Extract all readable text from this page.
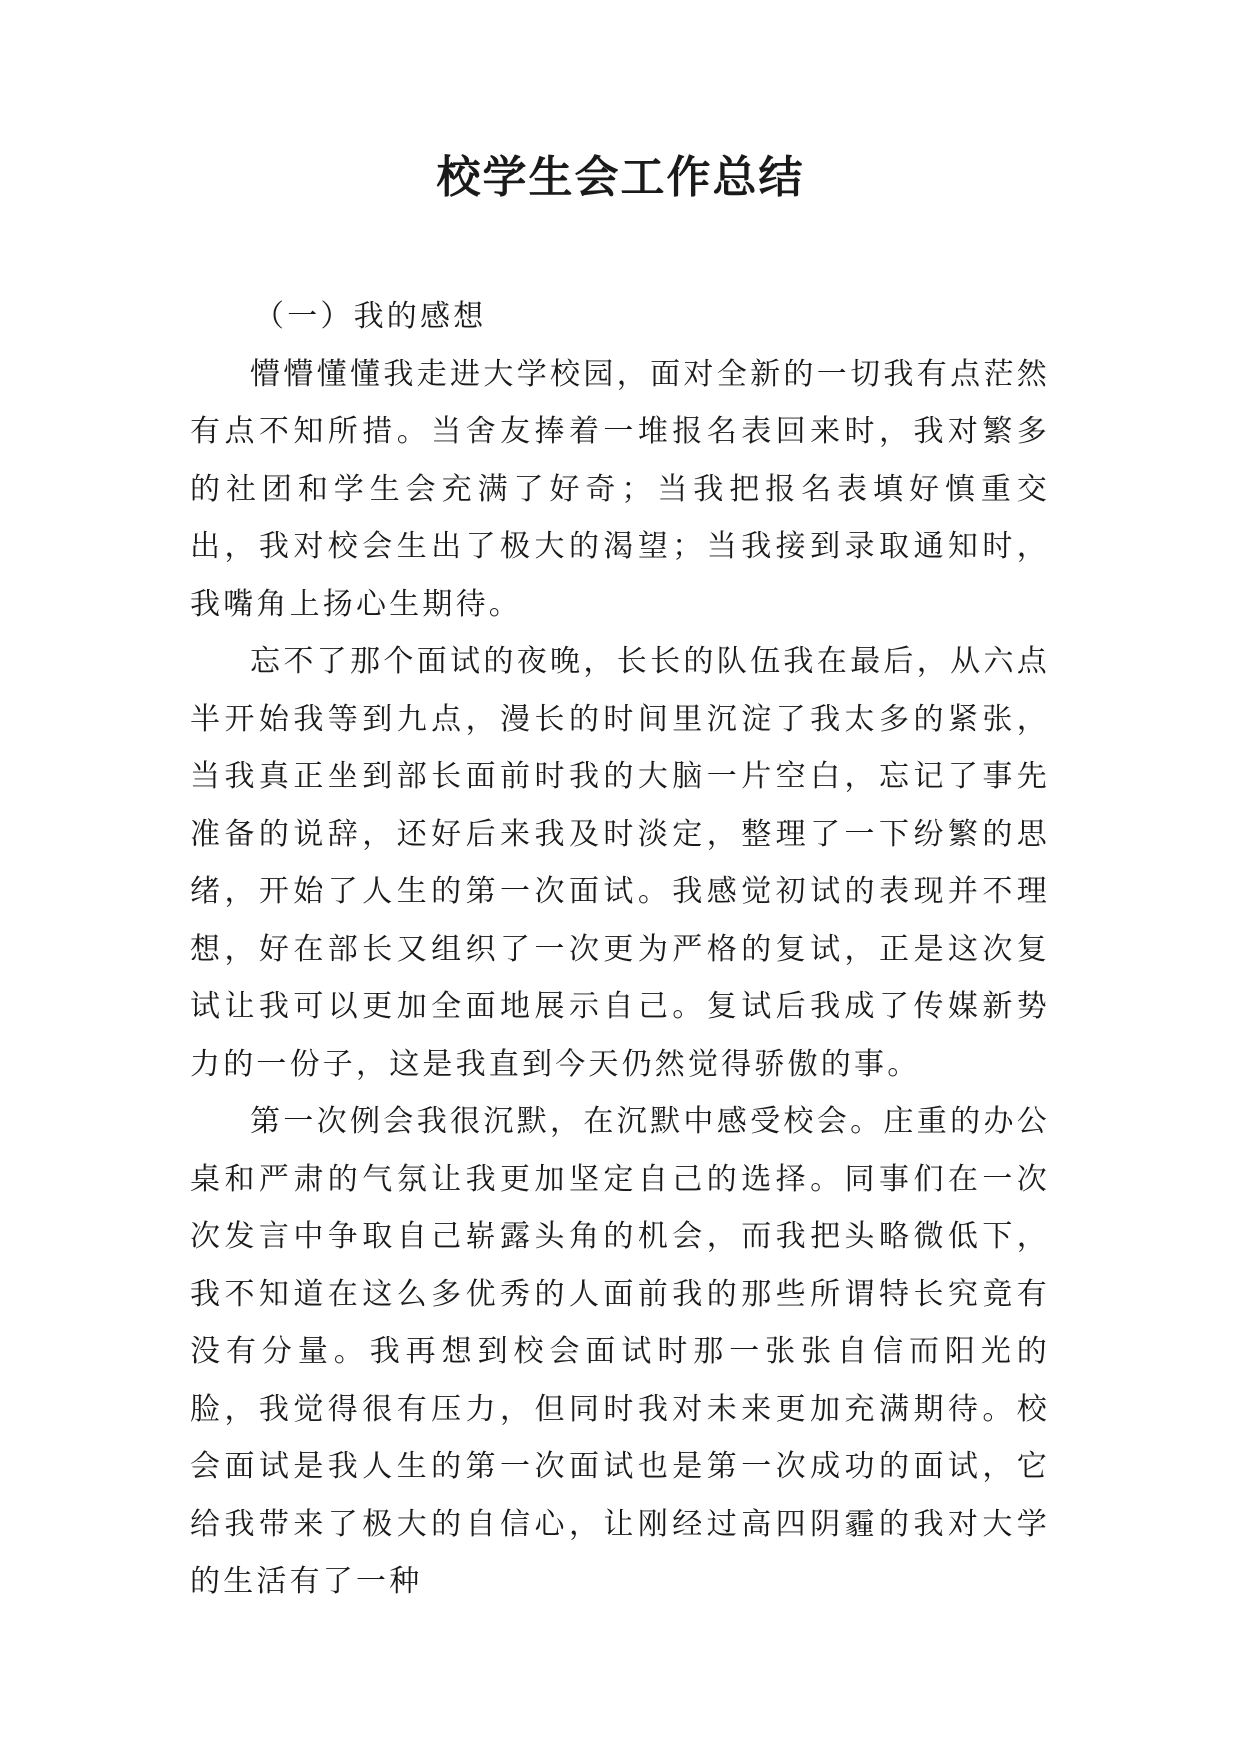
校学生会工作总结

（一）我的感想

懵懵懂懂我走进大学校园，面对全新的一切我有点茫然有点不知所措。当舍友捧着一堆报名表回来时，我对繁多的社团和学生会充满了好奇；当我把报名表填好慎重交出，我对校会生出了极大的渴望；当我接到录取通知时，我嘴角上扬心生期待。

忘不了那个面试的夜晚，长长的队伍我在最后，从六点半开始我等到九点，漫长的时间里沉淀了我太多的紧张，当我真正坐到部长面前时我的大脑一片空白，忘记了事先准备的说辞，还好后来我及时淡定，整理了一下纷繁的思绪，开始了人生的第一次面试。我感觉初试的表现并不理想，好在部长又组织了一次更为严格的复试，正是这次复试让我可以更加全面地展示自己。复试后我成了传媒新势力的一份子，这是我直到今天仍然觉得骄傲的事。

第一次例会我很沉默，在沉默中感受校会。庄重的办公桌和严肃的气氛让我更加坚定自己的选择。同事们在一次次发言中争取自己崭露头角的机会，而我把头略微低下，我不知道在这么多优秀的人面前我的那些所谓特长究竟有没有分量。我再想到校会面试时那一张张自信而阳光的脸，我觉得很有压力，但同时我对未来更加充满期待。校会面试是我人生的第一次面试也是第一次成功的面试，它给我带来了极大的自信心，让刚经过高四阴霾的我对大学的生活有了一种
